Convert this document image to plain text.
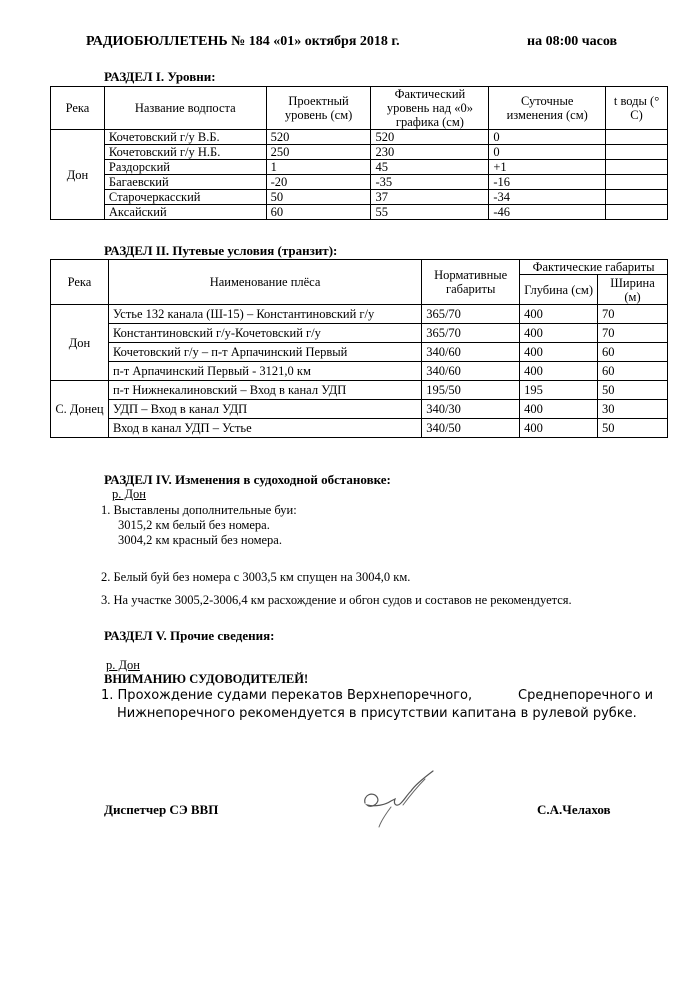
РАДИОБЮЛЛЕТЕНЬ № 184 «01» октября 2018 г.	на 08:00 часов
РАЗДЕЛ I. Уровни:
Река	Название водпоста	Проектный уровень (см)	Фактический уровень над «0» графика (см)	Суточные изменения (см)	t воды (° С)
Дон	Кочетовский г/у В.Б.	520	520	0	
	Кочетовский г/у Н.Б.	250	230	0	
	Раздорский	1	45	+1	
	Багаевский	-20	-35	-16	
	Старочеркасский	50	37	-34	
	Аксайский	60	55	-46	
РАЗДЕЛ II. Путевые условия (транзит):
Река	Наименование плёса	Нормативные габариты	Фактические габариты	
			Глубина (см)	Ширина (м)
Дон	Устье 132 канала (Ш-15) – Константиновский г/у	365/70	400	70
	Константиновский г/у-Кочетовский г/у	365/70	400	70
	Кочетовский г/у – п-т Арпачинский Первый	340/60	400	60
	п-т Арпачинский Первый - 3121,0 км	340/60	400	60
С. Донец	п-т Нижнекалиновский – Вход в канал УДП	195/50	195	50
	УДП – Вход в канал УДП	340/30	400	30
	Вход в канал УДП – Устье	340/50	400	50
РАЗДЕЛ IV. Изменения в судоходной обстановке:
р. Дон
1. Выставлены дополнительные буи:
3015,2 км белый без номера.
3004,2 км красный без номера.
2. Белый буй без номера с 3003,5 км спущен на 3004,0 км.
3. На участке 3005,2-3006,4 км расхождение и обгон судов и составов не рекомендуется.
РАЗДЕЛ V. Прочие сведения:
р. Дон
ВНИМАНИЮ СУДОВОДИТЕЛЕЙ!
1. Прохождение судами перекатов Верхнепоречного,	Среднепоречного и
Нижнепоречного рекомендуется в присутствии капитана в рулевой рубке.
Диспетчер СЭ ВВП	С.А.Челахов
